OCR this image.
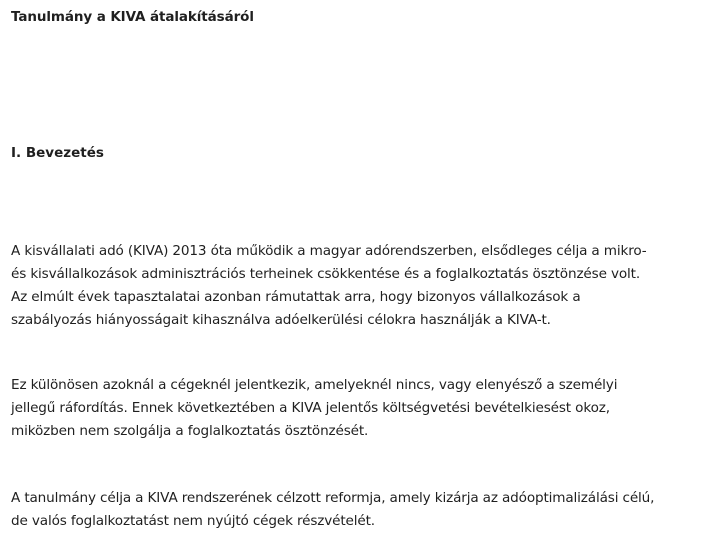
Tanulmány a KIVA átalakításáról
I. Bevezetés

A kisvállalati adó (KIVA) 2013 óta működik a magyar adórendszerben, elsődleges célja a mikro-
és kisvállalkozások adminisztrációs terheinek csökkentése és a foglalkoztatás ösztönzése volt.
Az elmúlt évek tapasztalatai azonban rámutattak arra, hogy bizonyos vállalkozások a
szabályozás hiányosságait kihasználva adóelkerülési célokra használják a KIVA-t.

Ez különösen azoknál a cégeknél jelentkezik, amelyeknél nincs, vagy elenyésző a személyi
jellegű ráfordítás. Ennek következtében a KIVA jelentős költségvetési bevételkiesést okoz,
miközben nem szolgálja a foglalkoztatás ösztönzését.

A tanulmány célja a KIVA rendszerének célzott reformja, amely kizárja az adóoptimalizálási célú,
de valós foglalkoztatást nem nyújtó cégek részvételét.
